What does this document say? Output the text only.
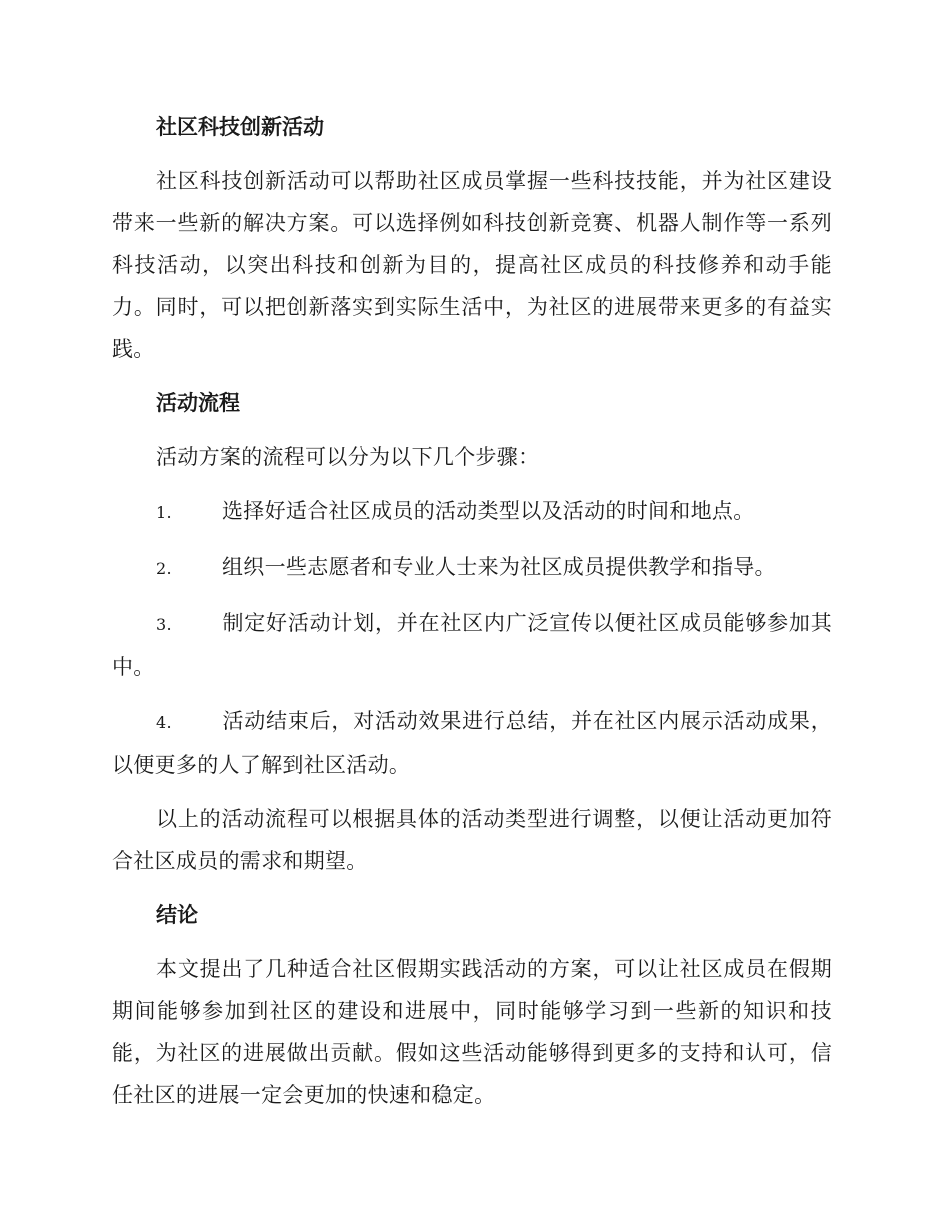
社区科技创新活动

社区科技创新活动可以帮助社区成员掌握一些科技技能，并为社区建设带来一些新的解决方案。可以选择例如科技创新竞赛、机器人制作等一系列科技活动，以突出科技和创新为目的，提高社区成员的科技修养和动手能力。同时，可以把创新落实到实际生活中，为社区的进展带来更多的有益实践。

活动流程

活动方案的流程可以分为以下几个步骤：

1. 选择好适合社区成员的活动类型以及活动的时间和地点。

2. 组织一些志愿者和专业人士来为社区成员提供教学和指导。

3. 制定好活动计划，并在社区内广泛宣传以便社区成员能够参加其中。

4. 活动结束后，对活动效果进行总结，并在社区内展示活动成果，以便更多的人了解到社区活动。

以上的活动流程可以根据具体的活动类型进行调整，以便让活动更加符合社区成员的需求和期望。

结论

本文提出了几种适合社区假期实践活动的方案，可以让社区成员在假期期间能够参加到社区的建设和进展中，同时能够学习到一些新的知识和技能，为社区的进展做出贡献。假如这些活动能够得到更多的支持和认可，信任社区的进展一定会更加的快速和稳定。
